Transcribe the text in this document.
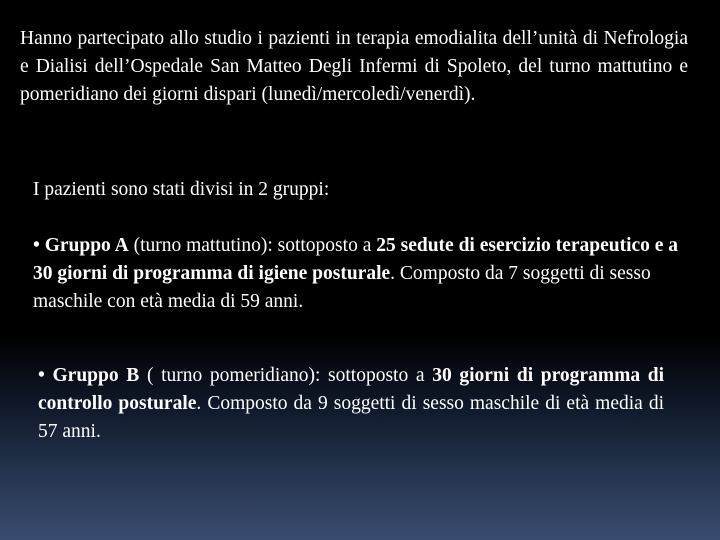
Hanno partecipato allo studio i pazienti in terapia emodialita dell’unità di Nefrologia e Dialisi dell’Ospedale San Matteo Degli Infermi di Spoleto, del turno mattutino e pomeridiano dei giorni dispari (lunedì/mercoledì/venerdì).
I pazienti sono stati divisi in 2 gruppi:
• Gruppo A (turno mattutino): sottoposto a 25 sedute di esercizio terapeutico e a 30 giorni di programma di igiene posturale. Composto da 7 soggetti di sesso maschile con età media di 59 anni.
• Gruppo B ( turno pomeridiano): sottoposto a 30 giorni di programma di controllo posturale. Composto da 9 soggetti di sesso maschile di età media di 57 anni.
